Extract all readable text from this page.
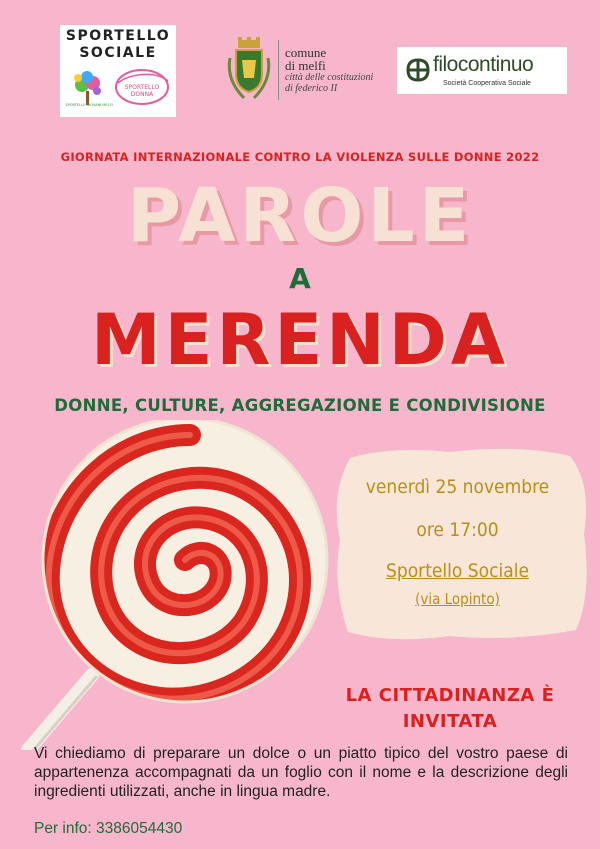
SPORTELLO
SOCIALE
SPORTELLO GIOVANI MELFI
SPORTELLO DONNA
comune
di melfi
città delle costituzioni
di federico II
filocontinuo
Società Cooperativa Sociale
GIORNATA INTERNAZIONALE CONTRO LA VIOLENZA SULLE DONNE 2022
PAROLE
A
MERENDA
DONNE, CULTURE, AGGREGAZIONE E CONDIVISIONE
venerdì 25 novembre
ore 17:00
Sportello Sociale
(via Lopinto)
LA CITTADINANZA È
INVITATA
Vi chiediamo di preparare un dolce o un piatto tipico del vostro paese di appartenenza accompagnati da un foglio con il nome e la descrizione degli ingredienti utilizzati, anche in lingua madre.
Per info: 3386054430
